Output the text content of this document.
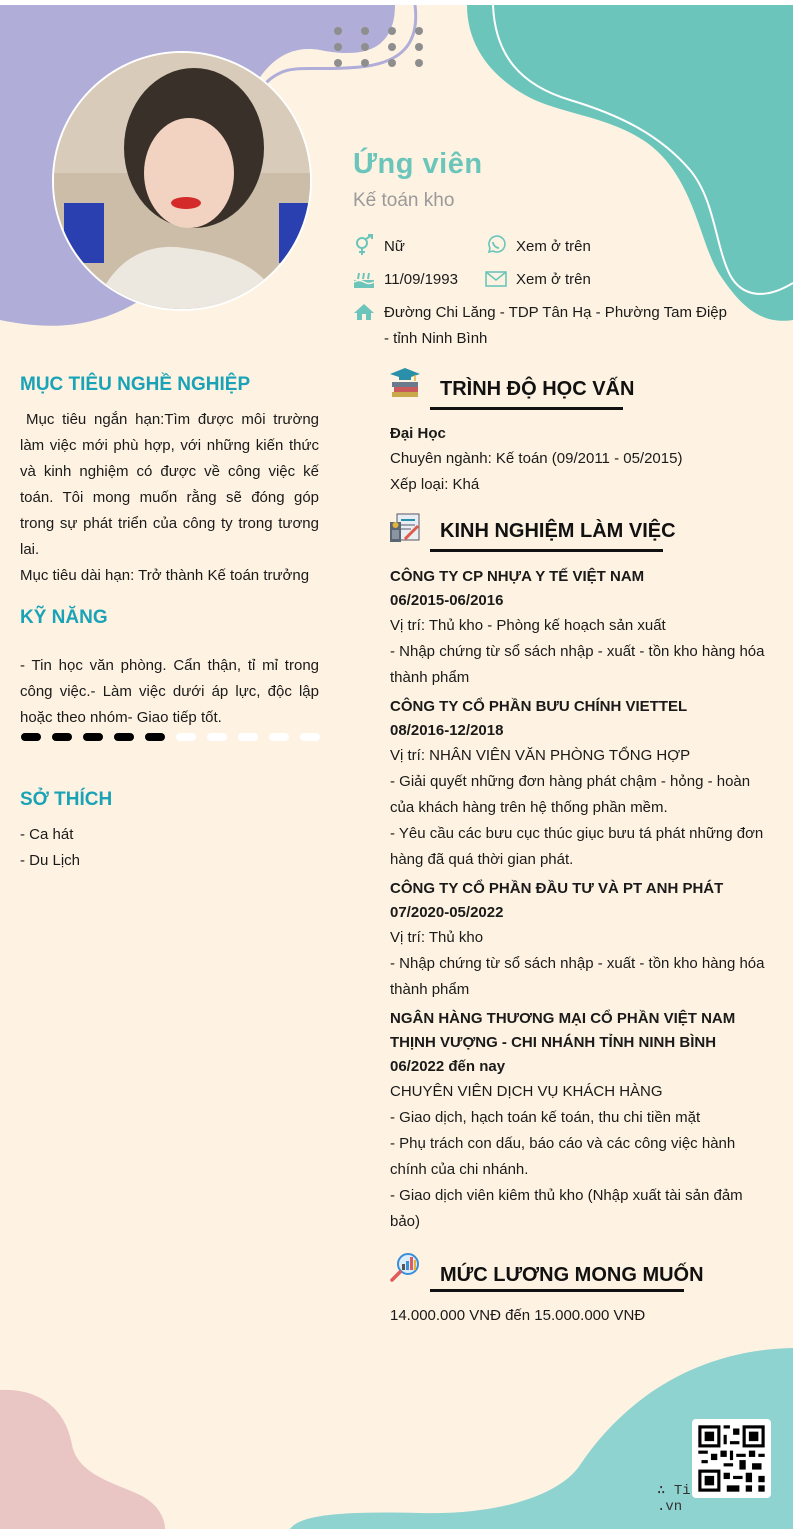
Ứng viên
Kế toán kho
Nữ	Xem ở trên
11/09/1993	Xem ở trên
Đường Chi Lăng - TDP Tân Hạ - Phường Tam Điệp
- tỉnh Ninh Bình
MỤC TIÊU NGHỀ NGHIỆP
Mục tiêu ngắn hạn:Tìm được môi trường làm việc mới phù hợp, với những kiến thức và kinh nghiệm có được về công việc kế toán. Tôi mong muốn rằng sẽ đóng góp trong sự phát triển của công ty trong tương lai.
Mục tiêu dài hạn: Trở thành Kế toán trưởng
KỸ NĂNG
- Tin học văn phòng. Cẩn thận, tỉ mỉ trong công việc.- Làm việc dưới áp lực, độc lập hoặc theo nhóm- Giao tiếp tốt.
SỞ THÍCH
- Ca hát
- Du Lịch
TRÌNH ĐỘ HỌC VẤN
Đại Học
Chuyên ngành: Kế toán (09/2011 - 05/2015)
Xếp loại: Khá
KINH NGHIỆM LÀM VIỆC
CÔNG TY CP NHỰA Y TẾ VIỆT NAM
06/2015-06/2016
Vị trí: Thủ kho - Phòng kế hoạch sản xuất
- Nhập chứng từ sổ sách nhập - xuất - tồn kho hàng hóa thành phẩm
CÔNG TY CỔ PHẦN BƯU CHÍNH VIETTEL
08/2016-12/2018
Vị trí: NHÂN VIÊN VĂN PHÒNG TỔNG HỢP
- Giải quyết những đơn hàng phát chậm - hỏng - hoàn của khách hàng trên hệ thống phần mềm.
- Yêu cầu các bưu cục thúc giục bưu tá phát những đơn hàng đã quá thời gian phát.
CÔNG TY CỔ PHẦN ĐẦU TƯ VÀ PT ANH PHÁT
07/2020-05/2022
Vị trí: Thủ kho
- Nhập chứng từ sổ sách nhập - xuất - tồn kho hàng hóa thành phẩm
NGÂN HÀNG THƯƠNG MẠI CỔ PHẦN VIỆT NAM THỊNH VƯỢNG - CHI NHÁNH TỈNH NINH BÌNH
06/2022 đến nay
CHUYÊN VIÊN DỊCH VỤ KHÁCH HÀNG
- Giao dịch, hạch toán kế toán, thu chi tiền mặt
- Phụ trách con dấu, báo cáo và các công việc hành chính của chi nhánh.
- Giao dịch viên kiêm thủ kho (Nhập xuất tài sản đảm bảo)
MỨC LƯƠNG MONG MUỐN
14.000.000 VNĐ đến 15.000.000 VNĐ
∴ Ti.vn
